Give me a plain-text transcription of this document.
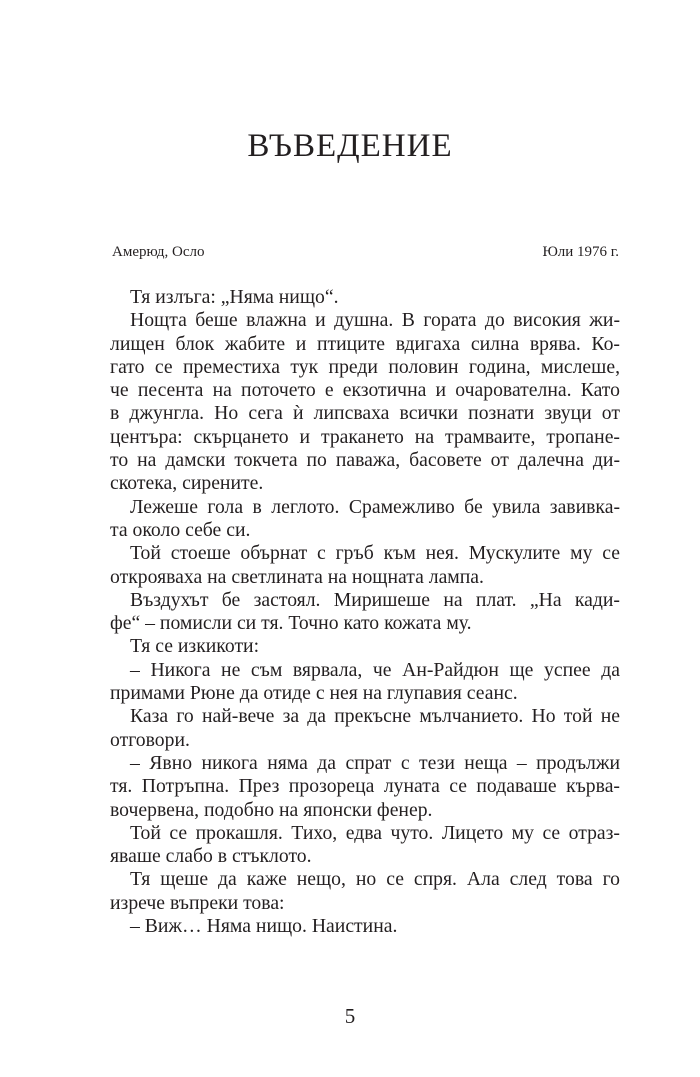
ВЪВЕДЕНИЕ
Амерюд, Осло	Юли 1976 г.
Тя излъга: „Няма нищо“.
Нощта беше влажна и душна. В гората до високия жи-
лищен блок жабите и птиците вдигаха силна врява. Ко-
гато се преместиха тук преди половин година, мислеше,
че песента на поточето е екзотична и очарователна. Като
в джунгла. Но сега ѝ липсваха всички познати звуци от
центъра: скърцането и тракането на трамваите, тропане-
то на дамски токчета по паважа, басовете от далечна ди-
скотека, сирените.
Лежеше гола в леглото. Срамежливо бе увила завивка-
та около себе си.
Той стоеше обърнат с гръб към нея. Мускулите му се
открояваха на светлината на нощната лампа.
Въздухът бе застоял. Миришеше на плат. „На кади-
фе“ – помисли си тя. Точно като кожата му.
Тя се изкикоти:
– Никога не съм вярвала, че Ан-Райдюн ще успее да
примами Рюне да отиде с нея на глупавия сеанс.
Каза го най-вече за да прекъсне мълчанието. Но той не
отговори.
– Явно никога няма да спрат с тези неща – продължи
тя. Потръпна. През прозореца луната се подаваше кърва-
вочервена, подобно на японски фенер.
Той се прокашля. Тихо, едва чуто. Лицето му се отраз-
яваше слабо в стъклото.
Тя щеше да каже нещо, но се спря. Ала след това го
изрече въпреки това:
– Виж… Няма нищо. Наистина.
5
